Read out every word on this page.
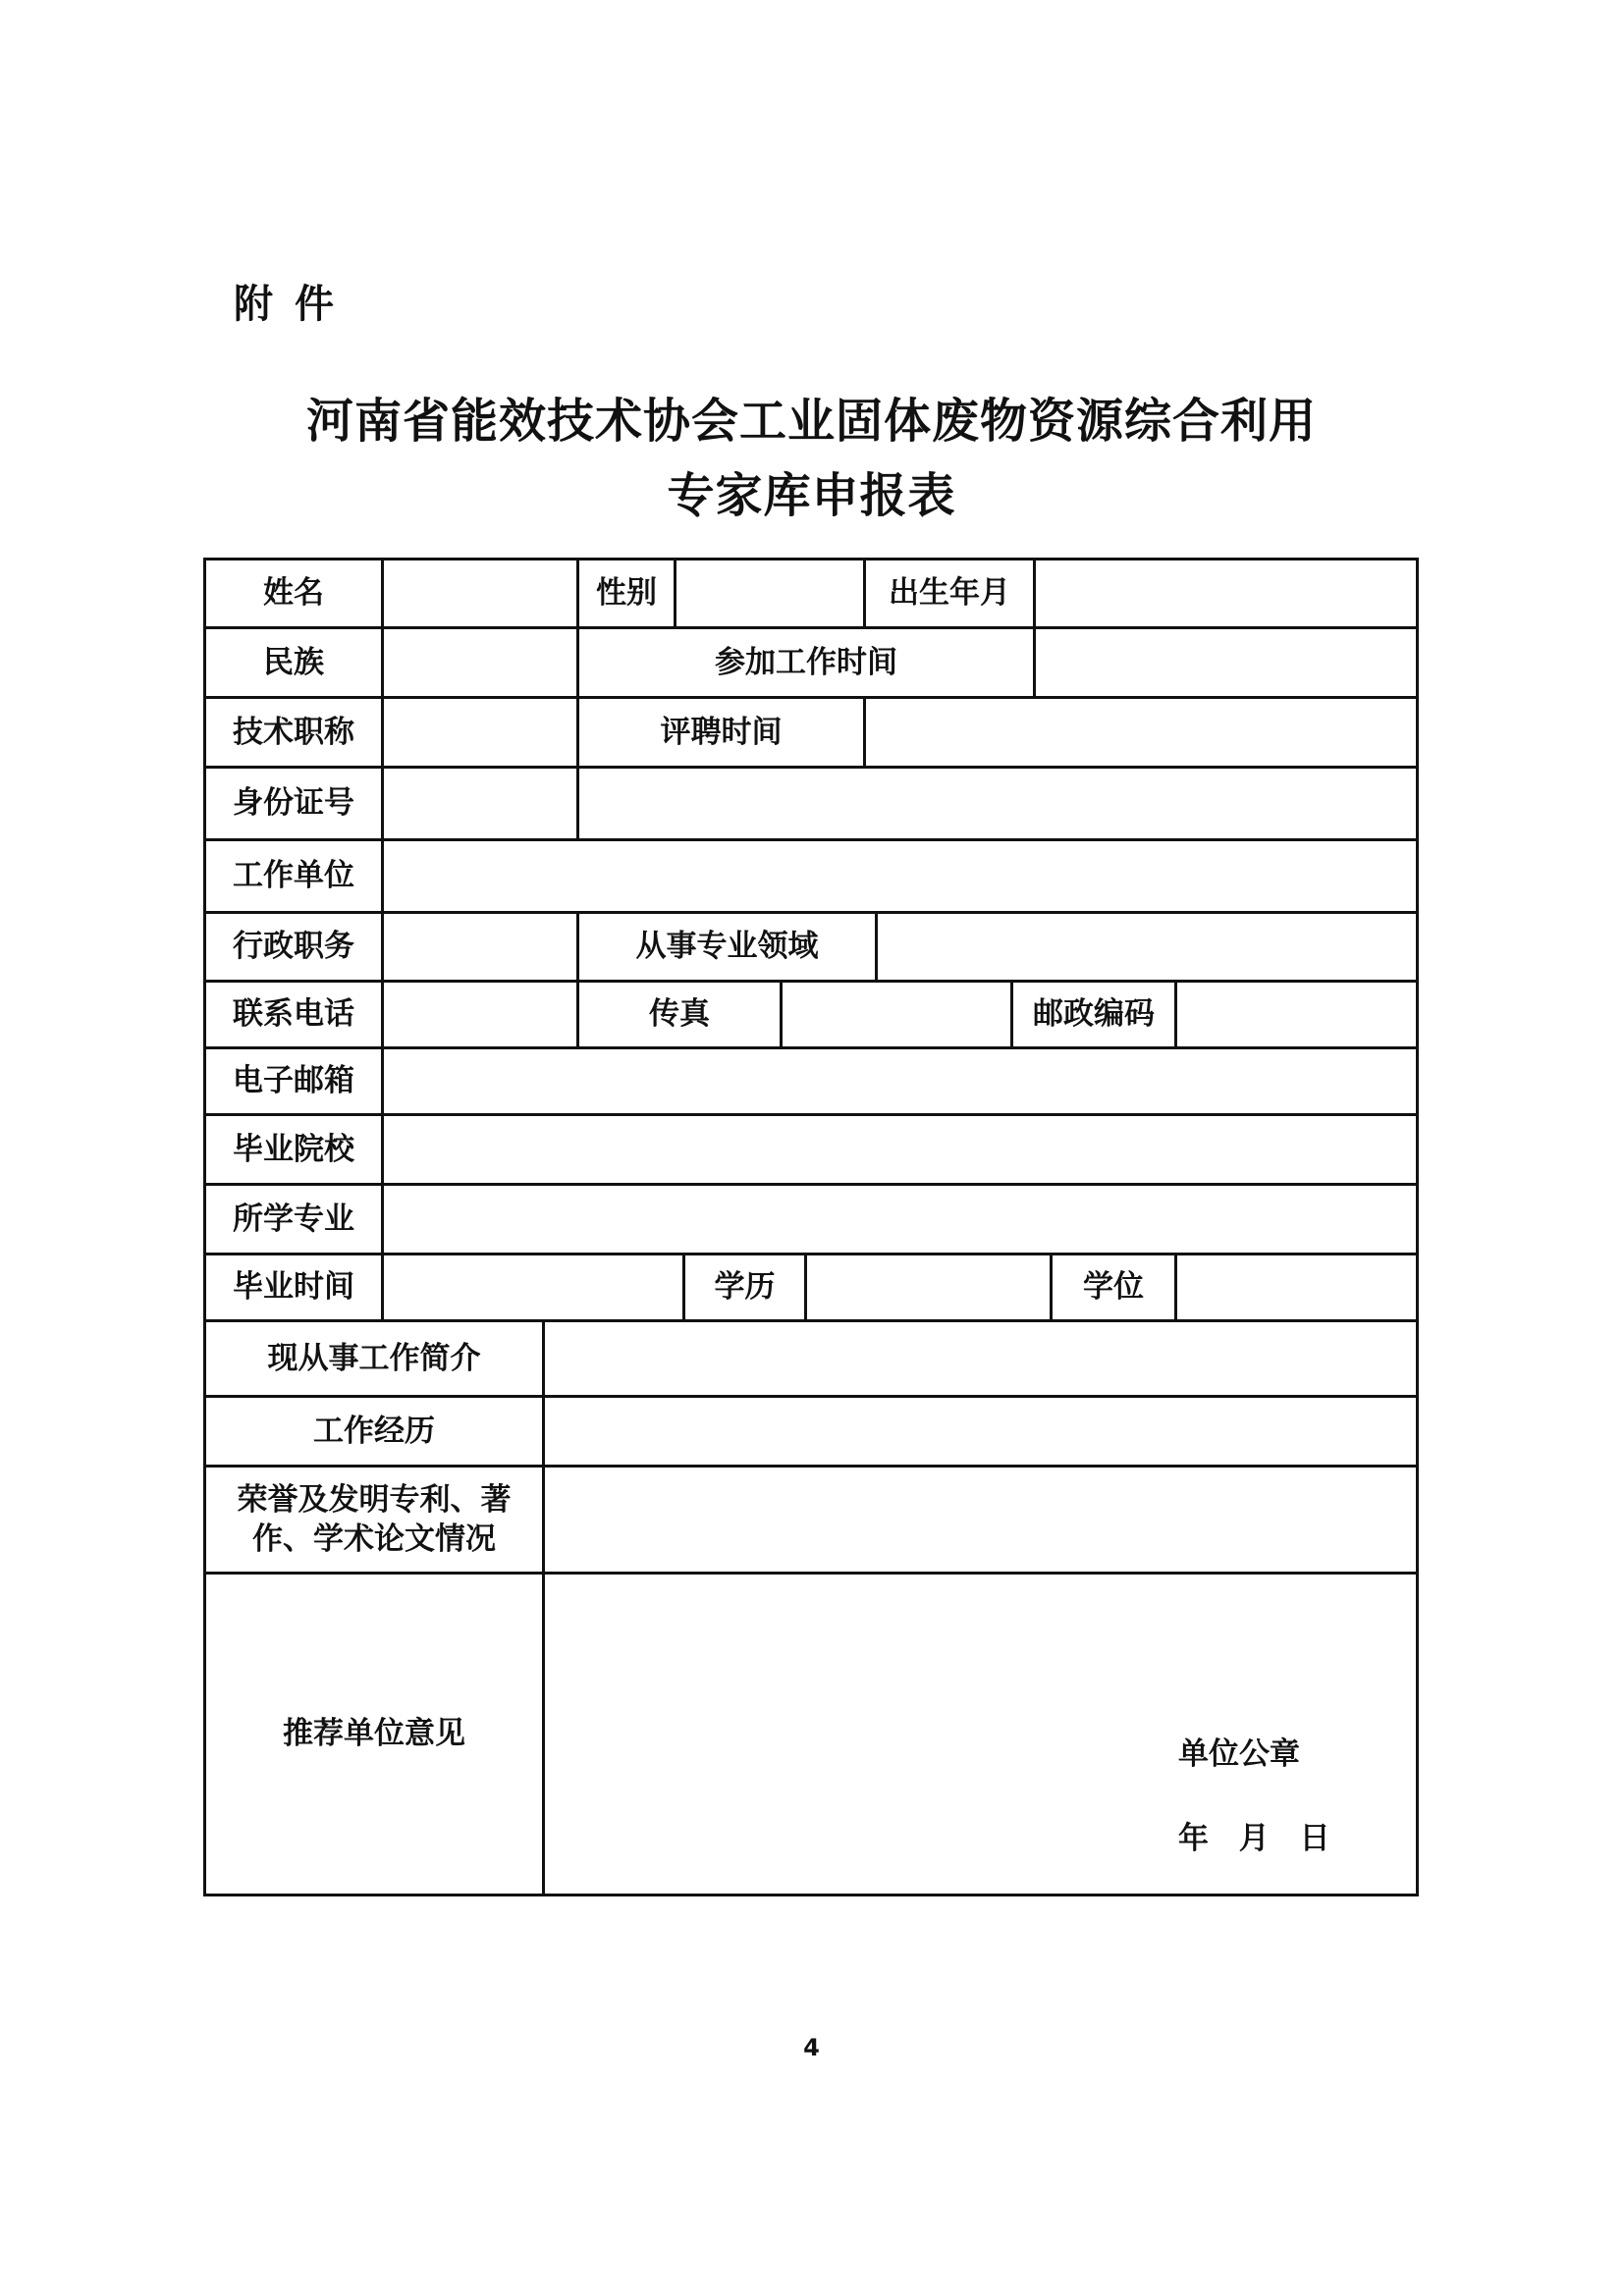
附件
河南省能效技术协会工业固体废物资源综合利用
专家库申报表
姓名	性别	出生年月
民族	参加工作时间
技术职称	评聘时间
身份证号
工作单位
行政职务	从事专业领域
联系电话	传真	邮政编码
电子邮箱
毕业院校
所学专业
毕业时间	学历	学位
现从事工作简介
工作经历
荣誉及发明专利、著
作、学术论文情况
推荐单位意见
单位公章
年 月 日
4
